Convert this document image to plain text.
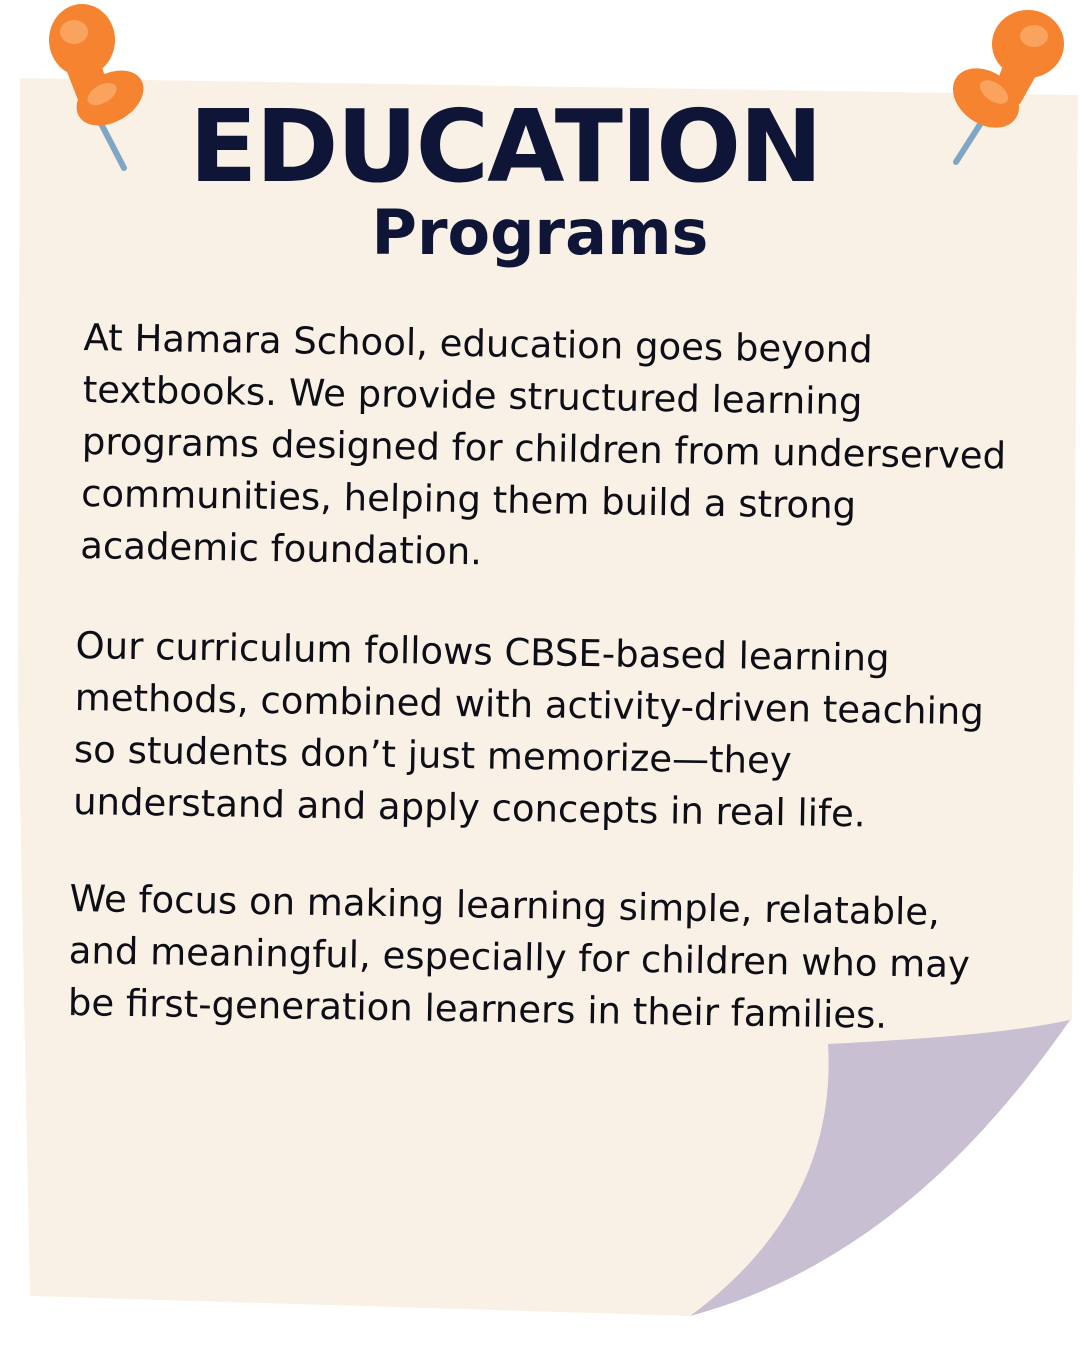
EDUCATION
Programs

At Hamara School, education goes beyond textbooks. We provide structured learning programs designed for children from underserved communities, helping them build a strong academic foundation.

Our curriculum follows CBSE-based learning methods, combined with activity-driven teaching so students don’t just memorize—they understand and apply concepts in real life.

We focus on making learning simple, relatable, and meaningful, especially for children who may be first-generation learners in their families.
